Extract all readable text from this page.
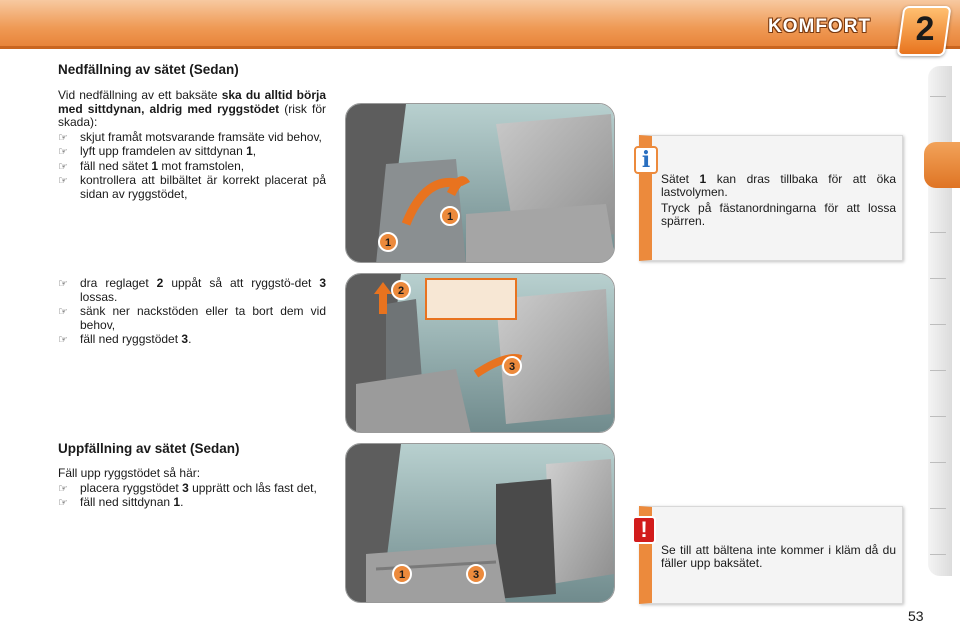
KOMFORT 2
Nedfällning av sätet (Sedan)
Vid nedfällning av ett baksäte ska du alltid börja med sittdynan, aldrig med ryggstödet (risk för skada):
☞ skjut framåt motsvarande framsäte vid behov,
☞ lyft upp framdelen av sittdynan 1,
☞ fäll ned sätet 1 mot framstolen,
☞ kontrollera att bilbältet är korrekt placerat på sidan av ryggstödet,
☞ dra reglaget 2 uppåt så att ryggstö-det 3 lossas.
☞ sänk ner nackstöden eller ta bort dem vid behov,
☞ fäll ned ryggstödet 3.
Uppfällning av sätet (Sedan)
Fäll upp ryggstödet så här:
☞ placera ryggstödet 3 upprätt och lås fast det,
☞ fäll ned sittdynan 1.
1
1
2
3
1	3
i
Sätet 1 kan dras tillbaka för att öka lastvolymen.
Tryck på fästanordningarna för att lossa spärren.
!
Se till att bältena inte kommer i kläm då du fäller upp baksätet.
53
